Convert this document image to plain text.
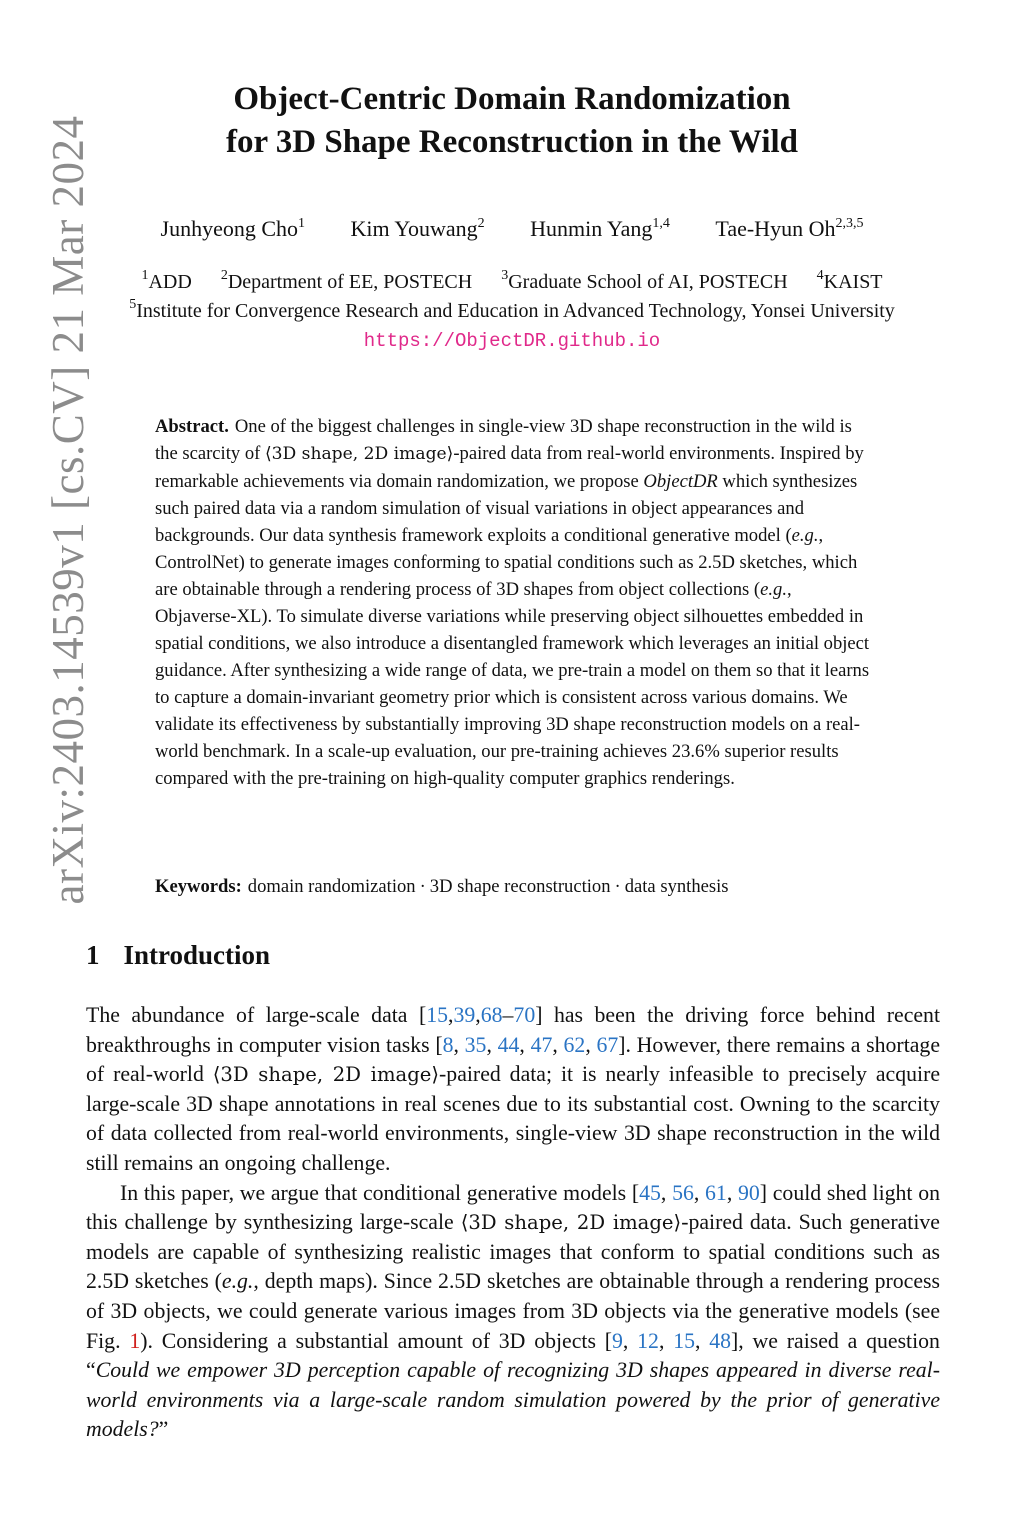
arXiv:2403.14539v1 [cs.CV] 21 Mar 2024
Object-Centric Domain Randomization
for 3D Shape Reconstruction in the Wild
Junhyeong Cho$^1$ Kim Youwang$^2$ Hunmin Yang$^{1,4}$ Tae-Hyun Oh$^{2,3,5}$
$^1$ADD $^2$Department of EE, POSTECH $^3$Graduate School of AI, POSTECH $^4$KAIST
$^5$Institute for Convergence Research and Education in Advanced Technology, Yonsei University
https://ObjectDR.github.io
Abstract. One of the biggest challenges in single-view 3D shape reconstruction in the wild is the scarcity of ⟨3D shape, 2D image⟩-paired data from real-world environments. Inspired by remarkable achievements via domain randomization, we propose ObjectDR which synthesizes such paired data via a random simulation of visual variations in object appearances and backgrounds. Our data synthesis framework exploits a conditional generative model (e.g., ControlNet) to generate images conforming to spatial conditions such as 2.5D sketches, which are obtainable through a rendering process of 3D shapes from object collections (e.g., Objaverse-XL). To simulate diverse variations while preserving object silhouettes embedded in spatial conditions, we also introduce a disentangled framework which leverages an initial object guidance. After synthesizing a wide range of data, we pre-train a model on them so that it learns to capture a domain-invariant geometry prior which is consistent across various domains. We validate its effectiveness by substantially improving 3D shape reconstruction models on a real-world benchmark. In a scale-up evaluation, our pre-training achieves 23.6% superior results compared with the pre-training on high-quality computer graphics renderings.
Keywords: domain randomization · 3D shape reconstruction · data synthesis
1 Introduction

The abundance of large-scale data [15,39,68–70] has been the driving force behind recent breakthroughs in computer vision tasks [8, 35, 44, 47, 62, 67]. However, there remains a shortage of real-world ⟨3D shape, 2D image⟩-paired data; it is nearly infeasible to precisely acquire large-scale 3D shape annotations in real scenes due to its substantial cost. Owning to the scarcity of data collected from real-world environments, single-view 3D shape reconstruction in the wild still remains an ongoing challenge.

In this paper, we argue that conditional generative models [45, 56, 61, 90] could shed light on this challenge by synthesizing large-scale ⟨3D shape, 2D image⟩-paired data. Such generative models are capable of synthesizing realistic images that conform to spatial conditions such as 2.5D sketches (e.g., depth maps). Since 2.5D sketches are obtainable through a rendering process of 3D objects, we could generate various images from 3D objects via the generative models (see Fig. 1). Considering a substantial amount of 3D objects [9, 12, 15, 48], we raised a question “Could we empower 3D perception capable of recognizing 3D shapes appeared in diverse real-world environments via a large-scale random simulation powered by the prior of generative models?”
